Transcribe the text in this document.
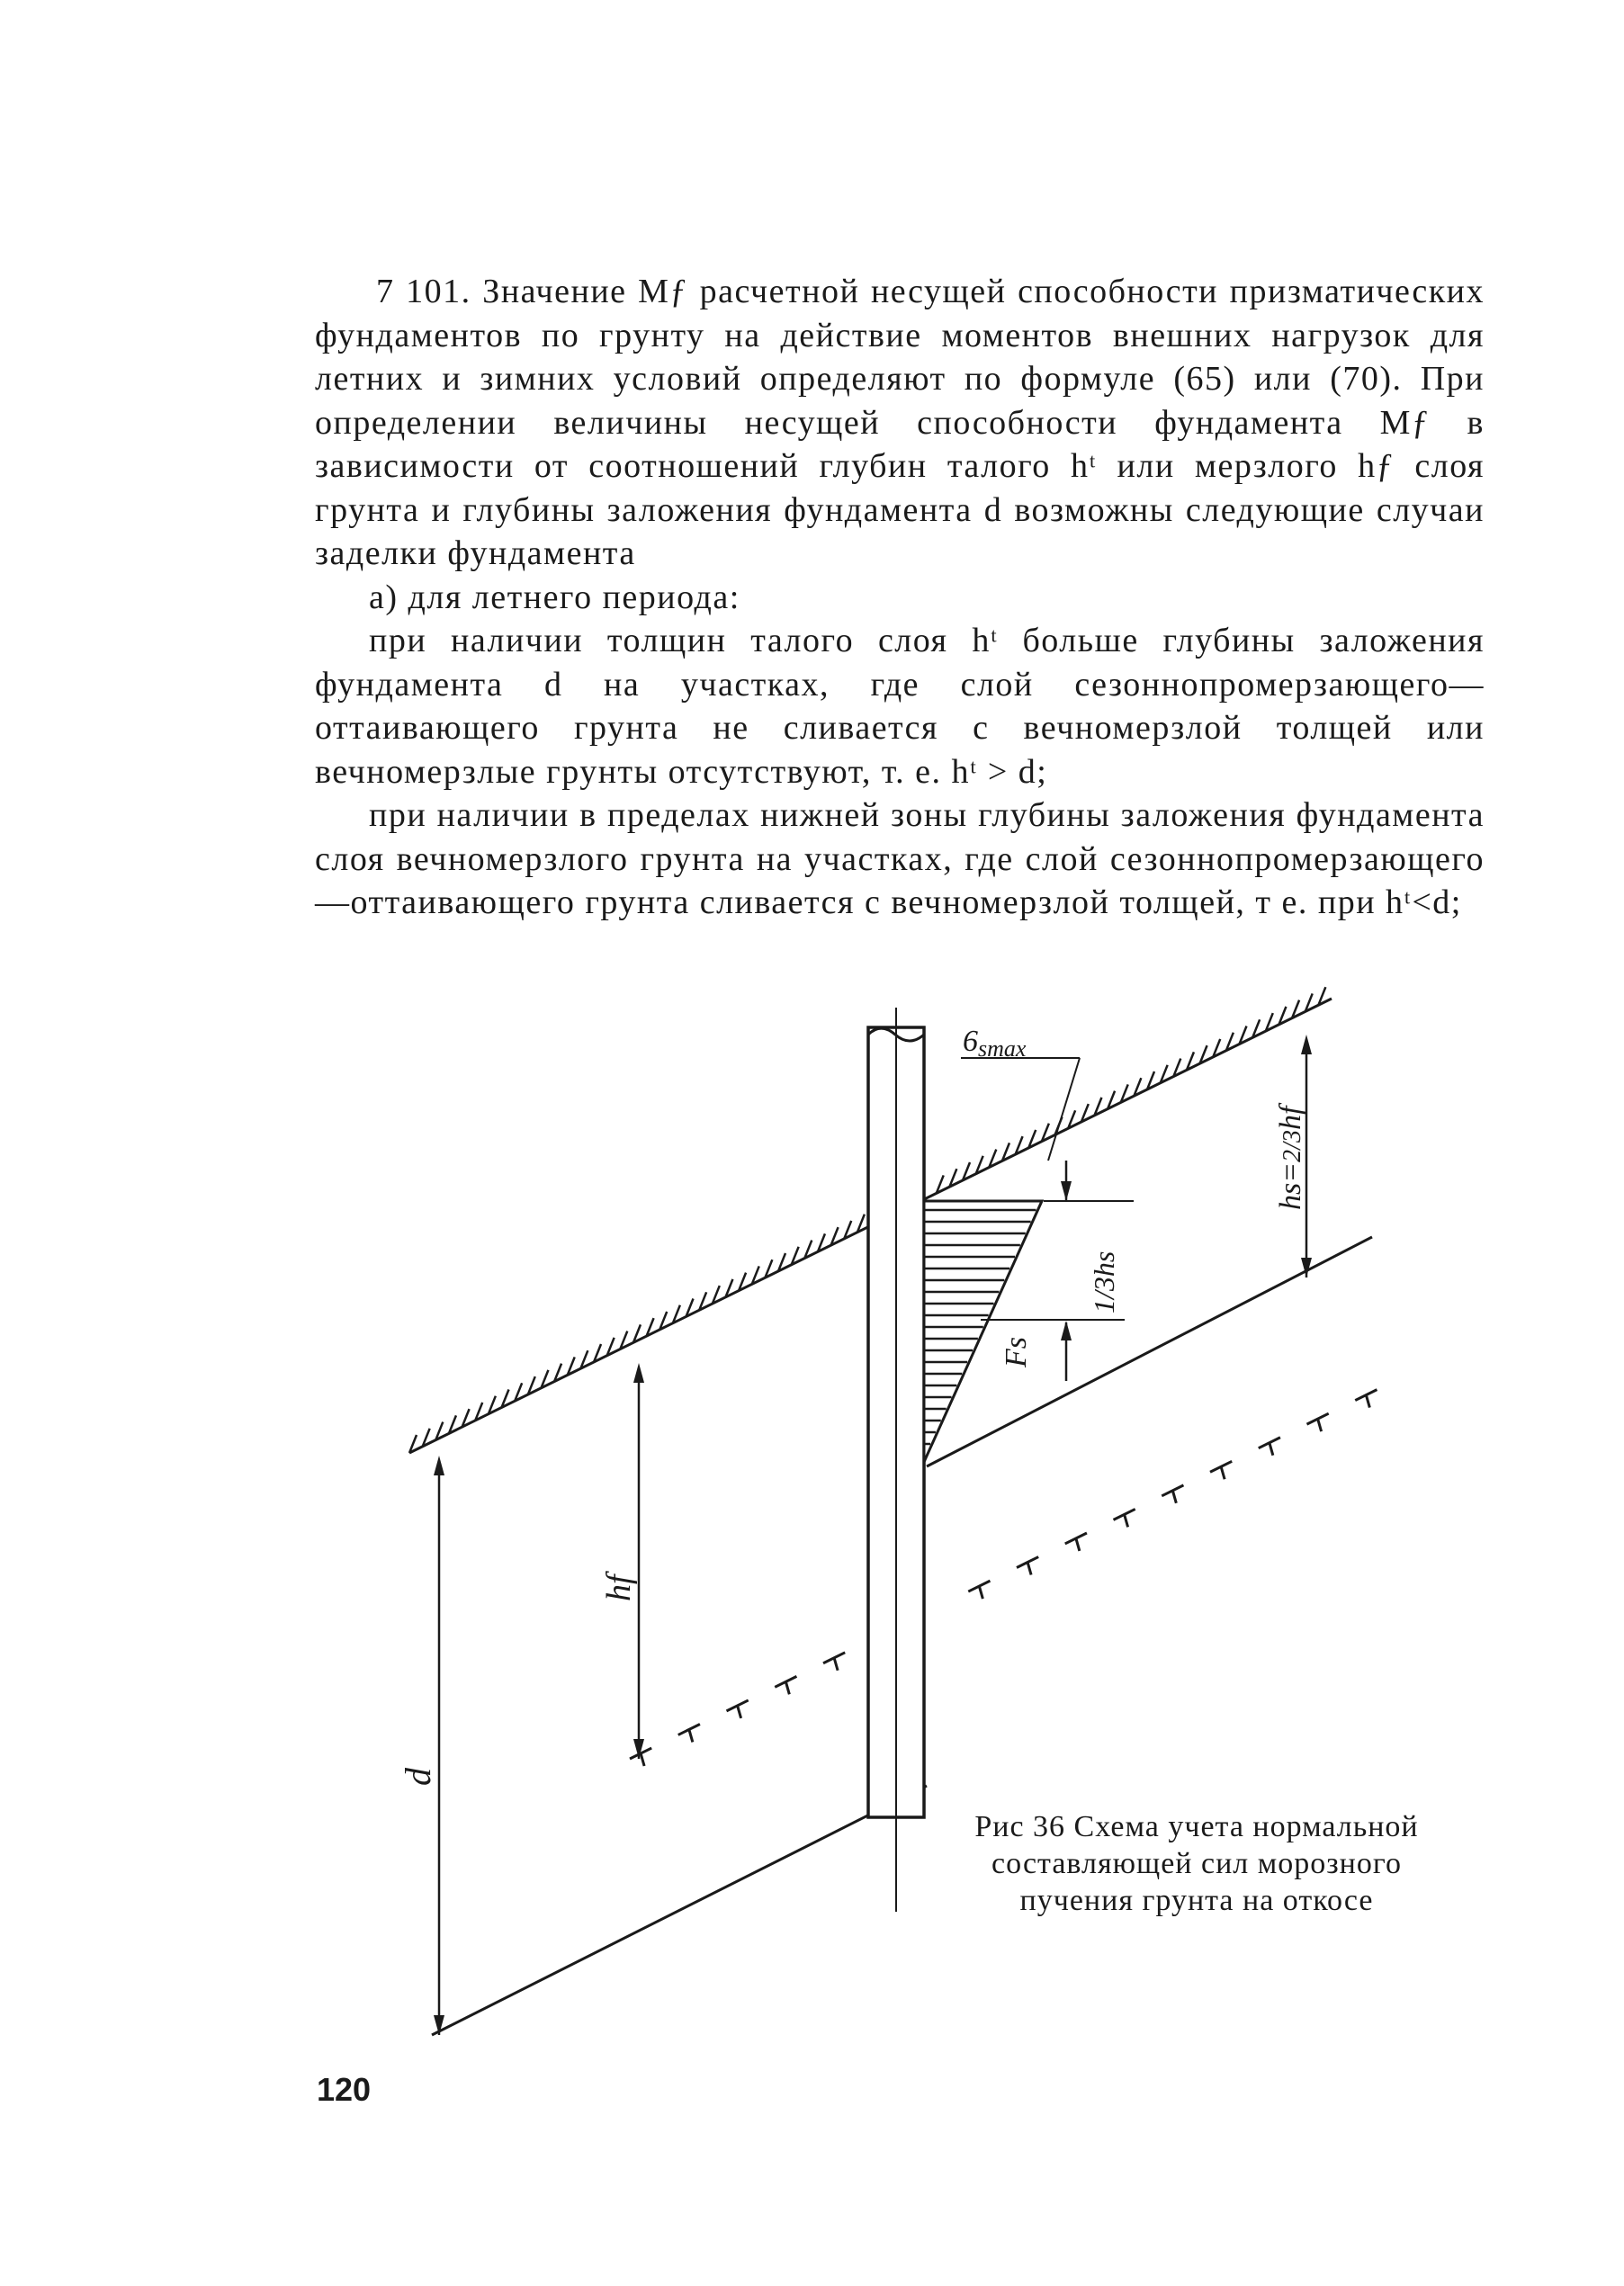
7 101. Значение Mƒ расчетной несущей способности призматических фундаментов по грунту на действие моментов внешних нагрузок для летних и зимних условий определяют по формуле (65) или (70). При определении величины несущей способности фундамента Mƒ в зависимости от соотношений глубин талого hᵗ или мерзлого hƒ слоя грунта и глубины заложения фундамента d возможны следующие случаи заделки фундамента

а) для летнего периода:

при наличии толщин талого слоя hᵗ больше глубины заложения фундамента d на участках, где слой сезоннопромерзающего—оттаивающего грунта не сливается с вечномерзлой толщей или вечномерзлые грунты отсутствуют, т. е. hᵗ > d;

при наличии в пределах нижней зоны глубины заложения фундамента слоя вечномерзлого грунта на участках, где слой сезоннопромерзающего—оттаивающего грунта сливается с вечномерзлой толщей, т е. при hᵗ<d;

6smax
hs=2/3hf
1/3hs
Fs
hf
d
Рис 36 Схема учета нормальной составляющей сил морозного пучения грунта на откосе
120
